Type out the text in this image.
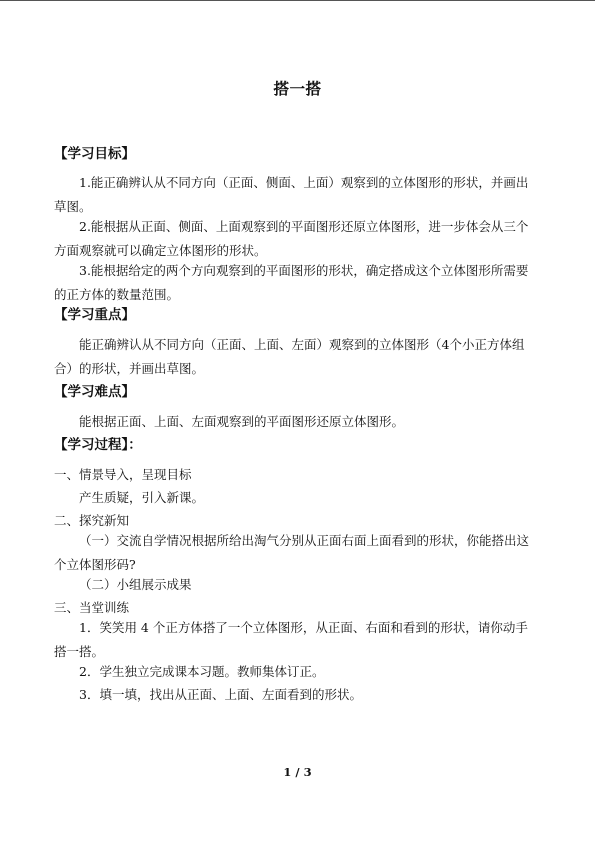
搭一搭
【学习目标】

1.能正确辨认从不同方向（正面、侧面、上面）观察到的立体图形的形状，并画出草图。

2.能根据从正面、侧面、上面观察到的平面图形还原立体图形，进一步体会从三个方面观察就可以确定立体图形的形状。

3.能根据给定的两个方向观察到的平面图形的形状，确定搭成这个立体图形所需要的正方体的数量范围。

【学习重点】

能正确辨认从不同方向（正面、上面、左面）观察到的立体图形（4个小正方体组合）的形状，并画出草图。

【学习难点】

能根据正面、上面、左面观察到的平面图形还原立体图形。

【学习过程】：
一、情景导入，呈现目标
产生质疑，引入新课。
二、探究新知

（一）交流自学情况根据所给出淘气分别从正面右面上面看到的形状，你能搭出这个立体图形码?

（二）小组展示成果
三、当堂训练

1．笑笑用 4 个正方体搭了一个立体图形，从正面、右面和看到的形状，请你动手搭一搭。

2．学生独立完成课本习题。教师集体订正。
3．填一填，找出从正面、上面、左面看到的形状。
1 / 3
